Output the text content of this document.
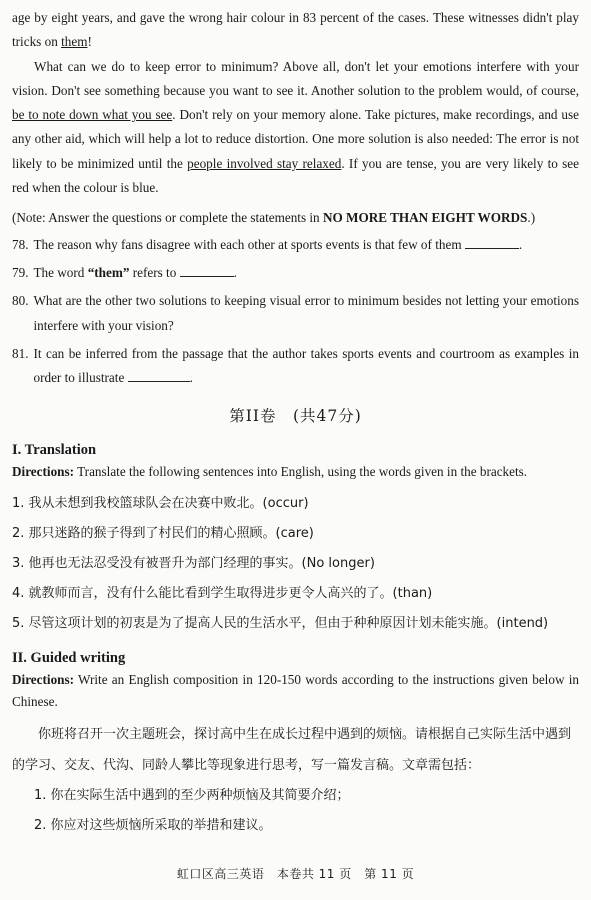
age by eight years, and gave the wrong hair colour in 83 percent of the cases. These witnesses didn't play tricks on them!

What can we do to keep error to minimum? Above all, don't let your emotions interfere with your vision. Don't see something because you want to see it. Another solution to the problem would, of course, be to note down what you see. Don't rely on your memory alone. Take pictures, make recordings, and use any other aid, which will help a lot to reduce distortion. One more solution is also needed: The error is not likely to be minimized until the people involved stay relaxed. If you are tense, you are very likely to see red when the colour is blue.

(Note: Answer the questions or complete the statements in NO MORE THAN EIGHT WORDS.)

78. The reason why fans disagree with each other at sports events is that few of them	.
79. The word “them” refers to	.
80. What are the other two solutions to keeping visual error to minimum besides not letting your emotions interfere with your vision?
81. It can be inferred from the passage that the author takes sports events and courtroom as examples in order to illustrate	.
第II卷　(共47分)
I. Translation

Directions: Translate the following sentences into English, using the words given in the brackets.

1. 我从未想到我校篮球队会在决赛中败北。(occur)

2. 那只迷路的猴子得到了村民们的精心照顾。(care)

3. 他再也无法忍受没有被晋升为部门经理的事实。(No longer)

4. 就教师而言，没有什么能比看到学生取得进步更令人高兴的了。(than)

5. 尽管这项计划的初衷是为了提高人民的生活水平，但由于种种原因计划未能实施。(intend)

II. Guided writing

Directions: Write an English composition in 120-150 words according to the instructions given below in Chinese.

你班将召开一次主题班会，探讨高中生在成长过程中遇到的烦恼。请根据自己实际生活中遇到的学习、交友、代沟、同龄人攀比等现象进行思考，写一篇发言稿。文章需包括：

1. 你在实际生活中遇到的至少两种烦恼及其简要介绍；

2. 你应对这些烦恼所采取的举措和建议。

虹口区高三英语　本卷共 11 页　第 11 页
